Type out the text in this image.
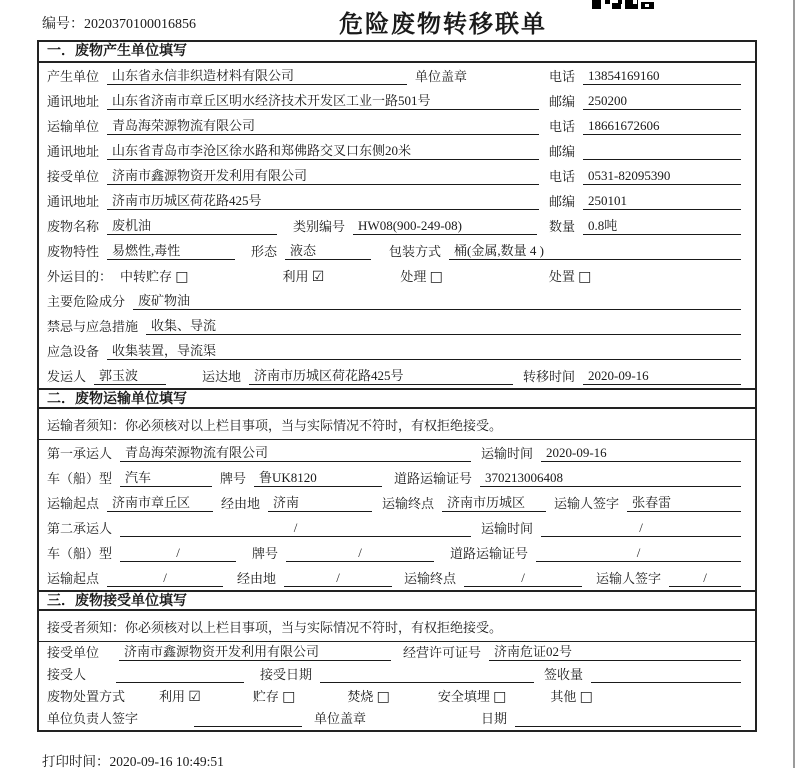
编号：2020370100016856	危险废物转移联单
一．废物产生单位填写
产生单位	山东省永信非织造材料有限公司	单位盖章	电话	13854169160
通讯地址	山东省济南市章丘区明水经济技术开发区工业一路501号	邮编	250200
运输单位	青岛海荣源物流有限公司	电话	18661672606
通讯地址	山东省青岛市李沧区徐水路和郑佛路交叉口东侧20米	邮编
接受单位	济南市鑫源物资开发利用有限公司	电话	0531-82095390
通讯地址	济南市历城区荷花路425号	邮编	250101
废物名称	废机油	类别编号	HW08(900-249-08)	数量	0.8吨
废物特性	易燃性,毒性	形态	液态	包装方式	桶(金属,数量 4 )
外运目的： 中转贮存 □	利用 ☑	处理 □	处置 □
主要危险成分	废矿物油
禁忌与应急措施	收集、导流
应急设备	收集装置，导流渠
发运人	郭玉波	运达地	济南市历城区荷花路425号	转移时间	2020-09-16
二．废物运输单位填写
运输者须知：你必须核对以上栏目事项，当与实际情况不符时，有权拒绝接受。
第一承运人	青岛海荣源物流有限公司	运输时间	2020-09-16
车（船）型	汽车	牌号	鲁UK8120	道路运输证号	370213006408
运输起点	济南市章丘区	经由地	济南	运输终点	济南市历城区	运输人签字	张春雷
第二承运人	/	运输时间	/
车（船）型	/	牌号	/	道路运输证号	/
运输起点	/	经由地	/	运输终点	/	运输人签字	/
三．废物接受单位填写
接受者须知：你必须核对以上栏目事项，当与实际情况不符时，有权拒绝接受。
接受单位	济南市鑫源物资开发利用有限公司	经营许可证号	济南危证02号
接受人	接受日期	签收量
废物处置方式	利用 ☑	贮存 □	焚烧 □	安全填埋 □	其他 □
单位负责人签字	单位盖章	日期
打印时间：2020-09-16 10:49:51
